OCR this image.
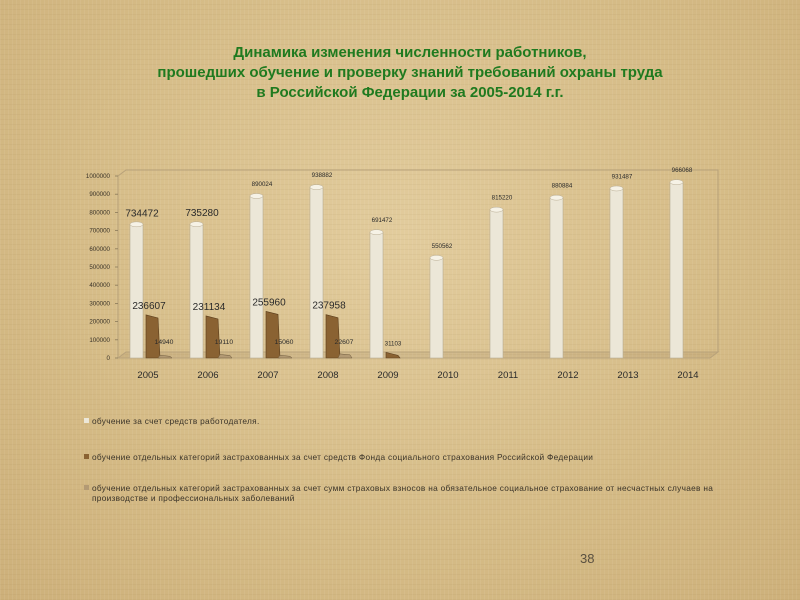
Динамика изменения численности работников,
прошедших обучение и проверку знаний требований охраны труда
в Российской Федерации за 2005-2014 г.г.
0
100000
200000
300000
400000
500000
600000
700000
800000
900000
1000000
2005
734472
236607
14940
2006
735280
231134
19110
2007
890024
255960
15060
2008
938882
237958
22607
2009
691472
31103
2010
550562
2011
815220
2012
880884
2013
931487
2014
966068
обучение за счет средств работодателя.
обучение отдельных категорий застрахованных за счет средств Фонда социального страхования Российской Федерации
обучение отдельных категорий застрахованных за счет сумм страховых взносов на обязательное социальное страхование от несчастных случаев на производстве и профессиональных заболеваний
38
